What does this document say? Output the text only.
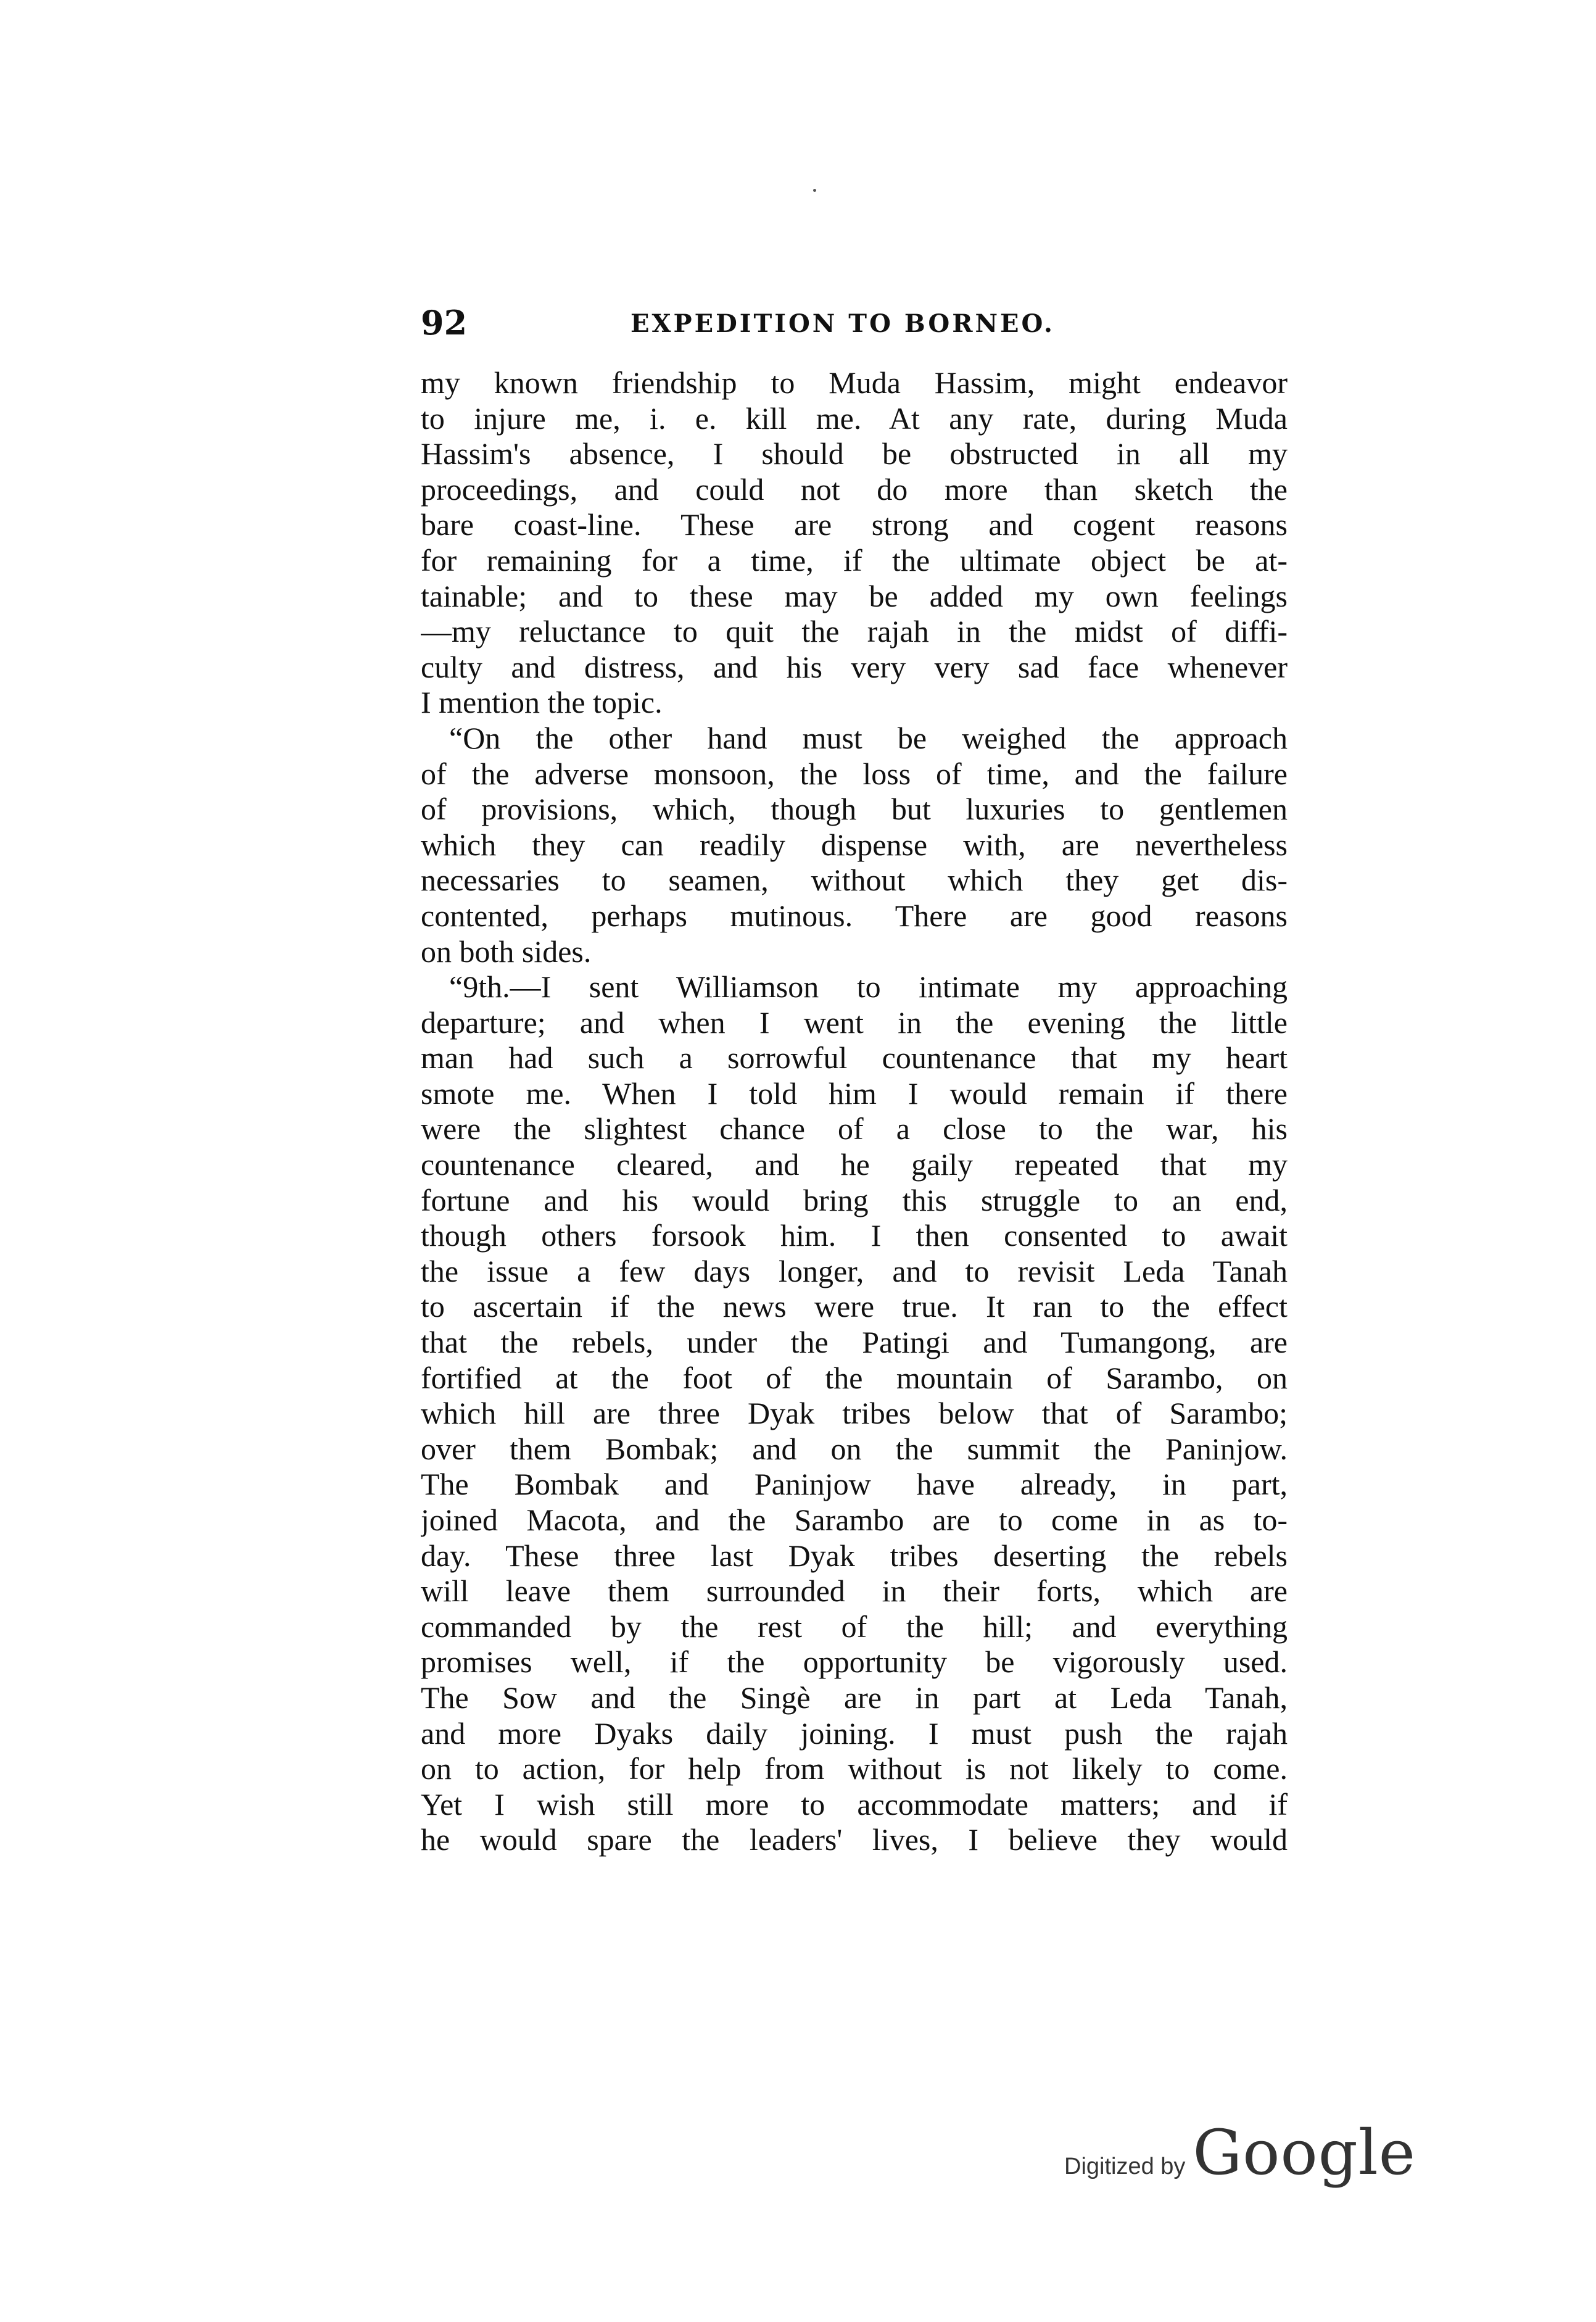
92	EXPEDITION TO BORNEO.
my known friendship to Muda Hassim, might endeavor
to injure me, i. e. kill me. At any rate, during Muda
Hassim's absence, I should be obstructed in all my
proceedings, and could not do more than sketch the
bare coast-line. These are strong and cogent reasons
for remaining for a time, if the ultimate object be at-
tainable; and to these may be added my own feelings
—my reluctance to quit the rajah in the midst of diffi-
culty and distress, and his very very sad face whenever
I mention the topic.
“On the other hand must be weighed the approach
of the adverse monsoon, the loss of time, and the failure
of provisions, which, though but luxuries to gentlemen
which they can readily dispense with, are nevertheless
necessaries to seamen, without which they get dis-
contented, perhaps mutinous. There are good reasons
on both sides.
“9th.—I sent Williamson to intimate my approaching
departure; and when I went in the evening the little
man had such a sorrowful countenance that my heart
smote me. When I told him I would remain if there
were the slightest chance of a close to the war, his
countenance cleared, and he gaily repeated that my
fortune and his would bring this struggle to an end,
though others forsook him. I then consented to await
the issue a few days longer, and to revisit Leda Tanah
to ascertain if the news were true. It ran to the effect
that the rebels, under the Patingi and Tumangong, are
fortified at the foot of the mountain of Sarambo, on
which hill are three Dyak tribes below that of Sarambo;
over them Bombak; and on the summit the Paninjow.
The Bombak and Paninjow have already, in part,
joined Macota, and the Sarambo are to come in as to-
day. These three last Dyak tribes deserting the rebels
will leave them surrounded in their forts, which are
commanded by the rest of the hill; and everything
promises well, if the opportunity be vigorously used.
The Sow and the Singè are in part at Leda Tanah,
and more Dyaks daily joining. I must push the rajah
on to action, for help from without is not likely to come.
Yet I wish still more to accommodate matters; and if
he would spare the leaders' lives, I believe they would
Digitized by Google
